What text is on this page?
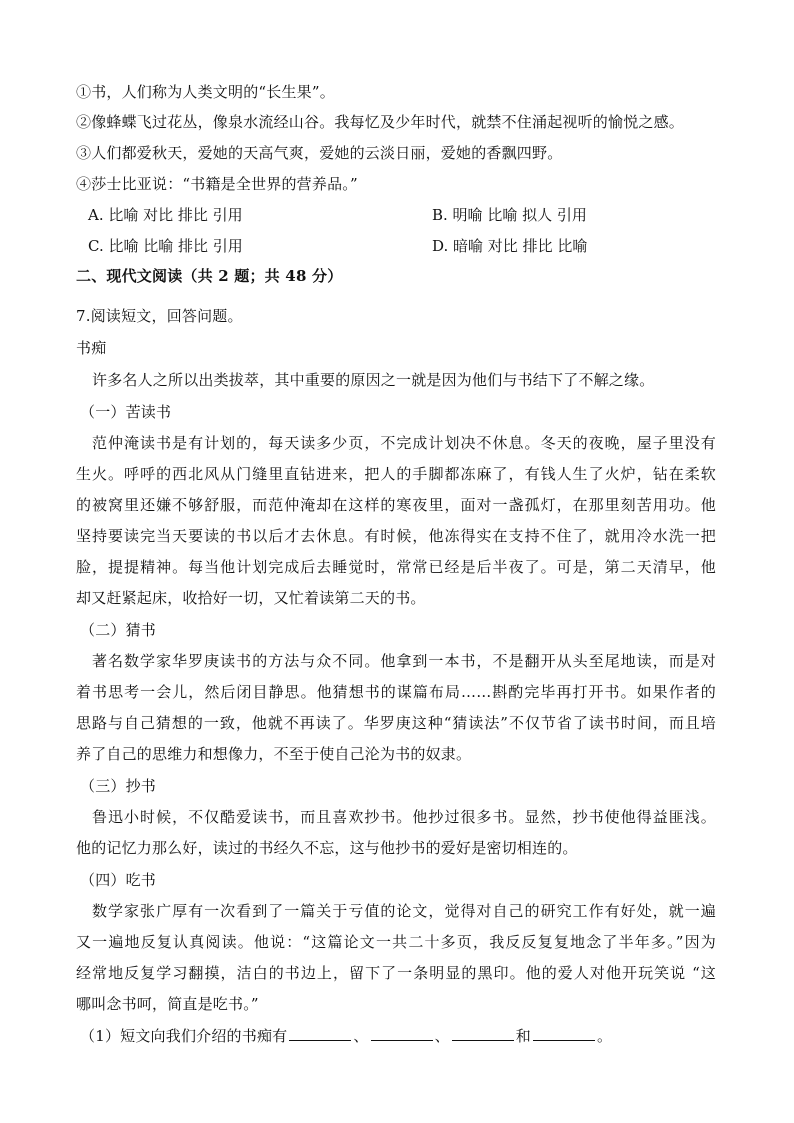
①书，人们称为人类文明的“长生果”。
②像蜂蝶飞过花丛，像泉水流经山谷。我每忆及少年时代，就禁不住涌起视听的愉悦之感。
③人们都爱秋天，爱她的天高气爽，爱她的云淡日丽，爱她的香飘四野。
④莎士比亚说：“书籍是全世界的营养品。”
A. 比喻 对比 排比 引用	B. 明喻 比喻 拟人 引用
C. 比喻 比喻 排比 引用	D. 暗喻 对比 排比 比喻
二、现代文阅读（共 2 题；共 48 分）
7.阅读短文，回答问题。
书痴
许多名人之所以出类拔萃，其中重要的原因之一就是因为他们与书结下了不解之缘。
（一）苦读书
范仲淹读书是有计划的，每天读多少页，不完成计划决不休息。冬天的夜晚，屋子里没有
生火。呼呼的西北风从门缝里直钻进来，把人的手脚都冻麻了，有钱人生了火炉，钻在柔软
的被窝里还嫌不够舒服，而范仲淹却在这样的寒夜里，面对一盏孤灯，在那里刻苦用功。他
坚持要读完当天要读的书以后才去休息。有时候，他冻得实在支持不住了，就用冷水洗一把
脸，提提精神。每当他计划完成后去睡觉时，常常已经是后半夜了。可是，第二天清早，他
却又赶紧起床，收拾好一切，又忙着读第二天的书。
（二）猜书
著名数学家华罗庚读书的方法与众不同。他拿到一本书，不是翻开从头至尾地读，而是对
着书思考一会儿，然后闭目静思。他猜想书的谋篇布局……斟酌完毕再打开书。如果作者的
思路与自己猜想的一致，他就不再读了。华罗庚这种“猜读法”不仅节省了读书时间，而且培
养了自己的思维力和想像力，不至于使自己沦为书的奴隶。
（三）抄书
鲁迅小时候，不仅酷爱读书，而且喜欢抄书。他抄过很多书。显然，抄书使他得益匪浅。
他的记忆力那么好，读过的书经久不忘，这与他抄书的爱好是密切相连的。
（四）吃书
数学家张广厚有一次看到了一篇关于亏值的论文，觉得对自己的研究工作有好处，就一遍
又一遍地反复认真阅读。他说：“这篇论文一共二十多页，我反反复复地念了半年多。”因为
经常地反复学习翻摸，洁白的书边上，留下了一条明显的黑印。他的爱人对他开玩笑说 “这
哪叫念书呵，简直是吃书。”
（1）短文向我们介绍的书痴有	、	、	和	。
